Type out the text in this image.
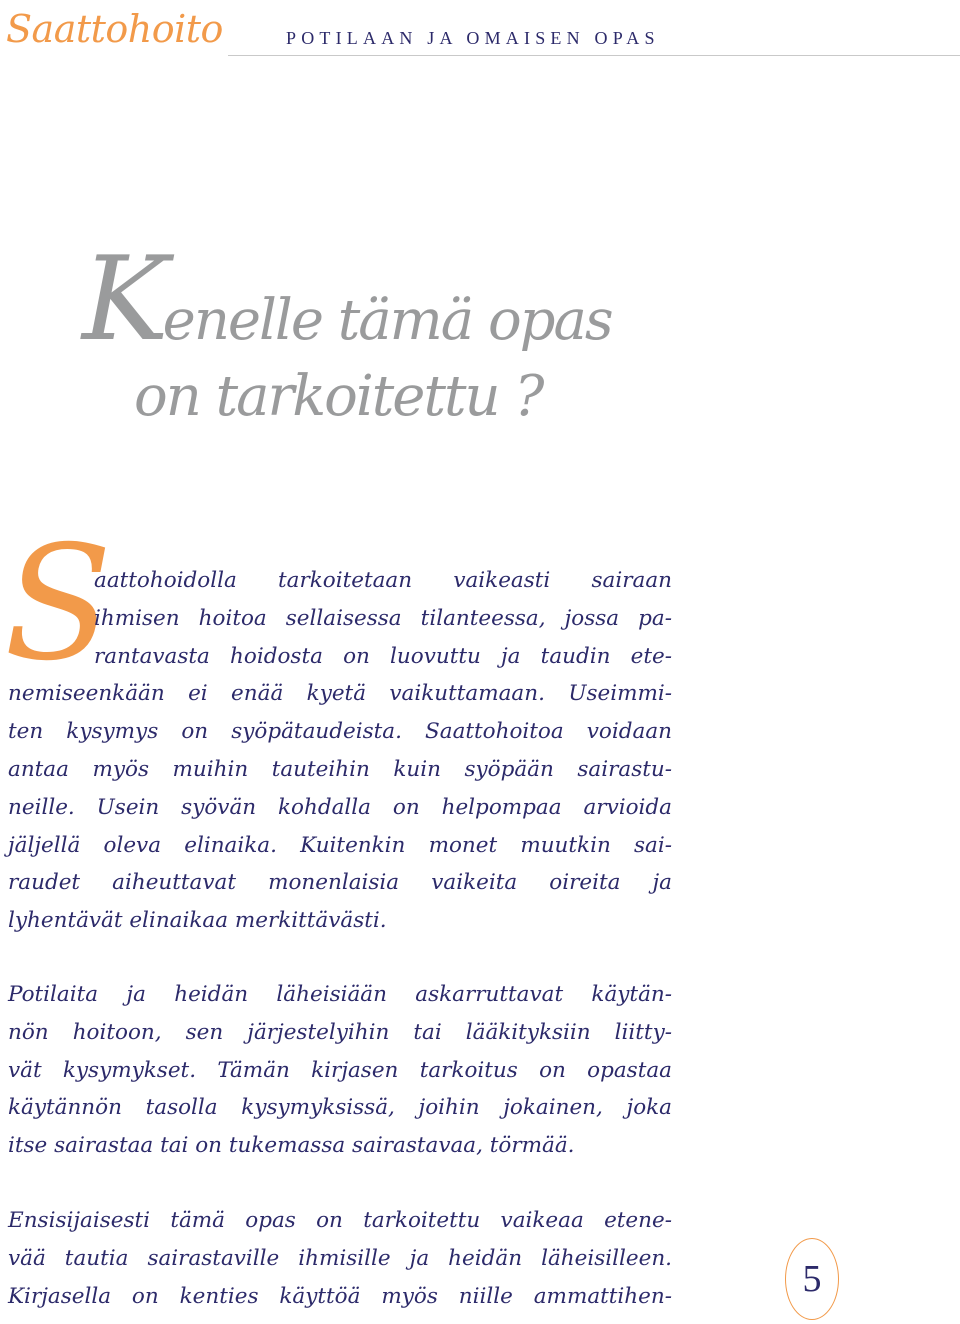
Saattohoito	POTILAAN JA OMAISEN OPAS
Kenelle tämä opas
on tarkoitettu ?
S
aattohoidolla tarkoitetaan vaikeasti sairaan
ihmisen hoitoa sellaisessa tilanteessa, jossa pa-
rantavasta hoidosta on luovuttu ja taudin ete-
nemiseenkään ei enää kyetä vaikuttamaan. Useimmi-
ten kysymys on syöpätaudeista. Saattohoitoa voidaan
antaa myös muihin tauteihin kuin syöpään sairastu-
neille. Usein syövän kohdalla on helpompaa arvioida
jäljellä oleva elinaika. Kuitenkin monet muutkin sai-
raudet aiheuttavat monenlaisia vaikeita oireita ja
lyhentävät elinaikaa merkittävästi.
Potilaita ja heidän läheisiään askarruttavat käytän-
nön hoitoon, sen järjestelyihin tai lääkityksiin liitty-
vät kysymykset. Tämän kirjasen tarkoitus on opastaa
käytännön tasolla kysymyksissä, joihin jokainen, joka
itse sairastaa tai on tukemassa sairastavaa, törmää.
Ensisijaisesti tämä opas on tarkoitettu vaikeaa etene-
vää tautia sairastaville ihmisille ja heidän läheisilleen.
Kirjasella on kenties käyttöä myös niille ammattihen-	5
